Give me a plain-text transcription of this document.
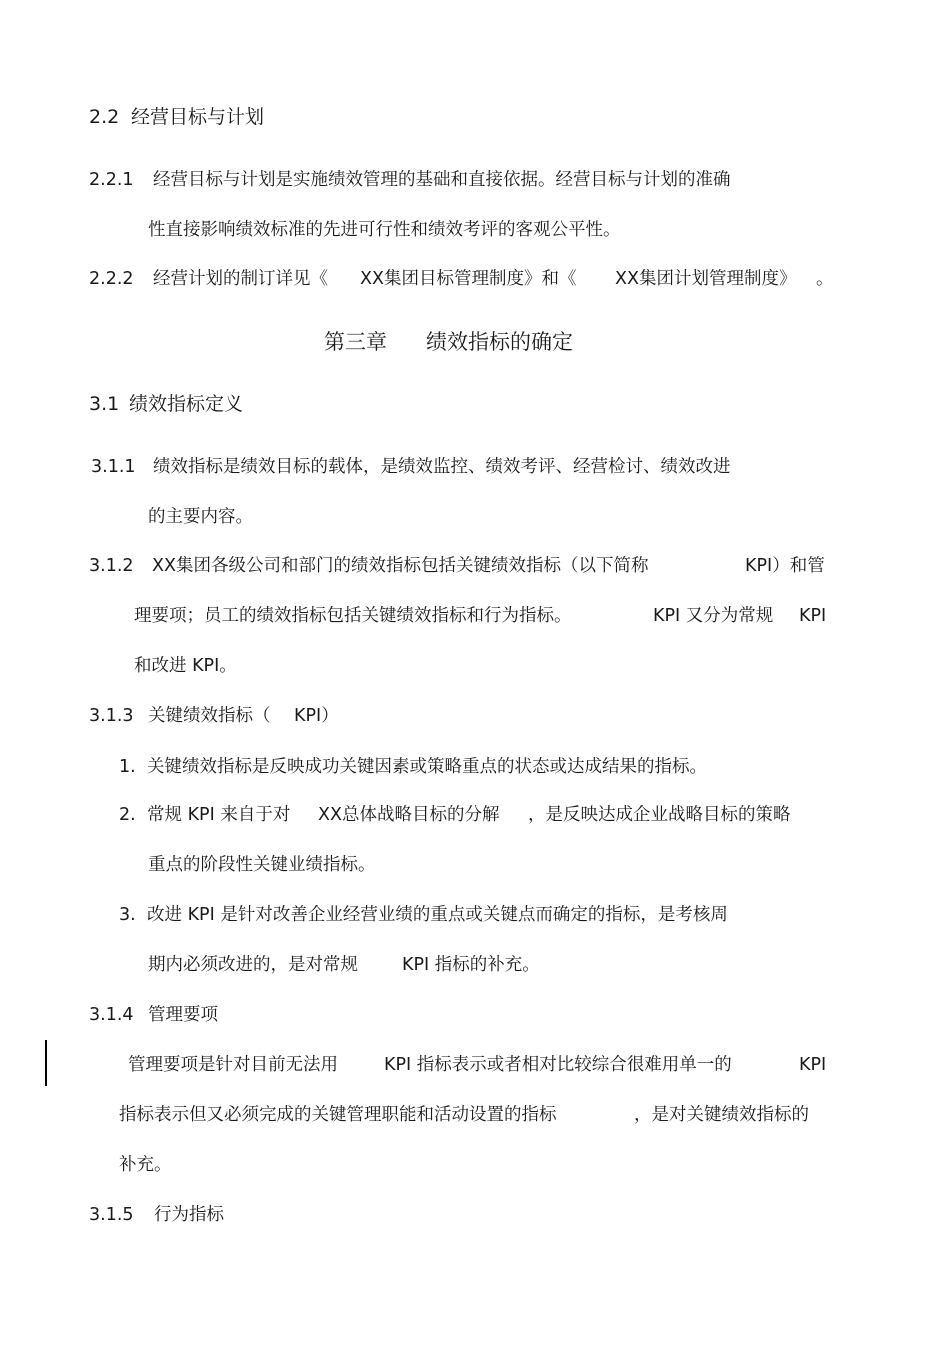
2.2 经营目标与计划
2.2.1 经营目标与计划是实施绩效管理的基础和直接依据。经营目标与计划的准确
性直接影响绩效标准的先进可行性和绩效考评的客观公平性。
2.2.2 经营计划的制订详见《 XX集团目标管理制度》和《 XX集团计划管理制度》 。
第三章 绩效指标的确定
3.1 绩效指标定义
3.1.1 绩效指标是绩效目标的载体，是绩效监控、绩效考评、经营检讨、绩效改进
的主要内容。
3.1.2 XX集团各级公司和部门的绩效指标包括关键绩效指标（以下简称	KPI）和管
理要项；员工的绩效指标包括关键绩效指标和行为指标。	KPI 又分为常规 KPI
和改进 KPI。
3.1.3 关键绩效指标（ KPI）
1. 关键绩效指标是反映成功关键因素或策略重点的状态或达成结果的指标。
2. 常规 KPI 来自于对 XX总体战略目标的分解 ，是反映达成企业战略目标的策略
重点的阶段性关键业绩指标。
3. 改进 KPI 是针对改善企业经营业绩的重点或关键点而确定的指标，是考核周
期内必须改进的，是对常规	KPI 指标的补充。
3.1.4 管理要项
管理要项是针对目前无法用	KPI 指标表示或者相对比较综合很难用单一的	KPI
指标表示但又必须完成的关键管理职能和活动设置的指标	，是对关键绩效指标的
补充。
3.1.5 行为指标
